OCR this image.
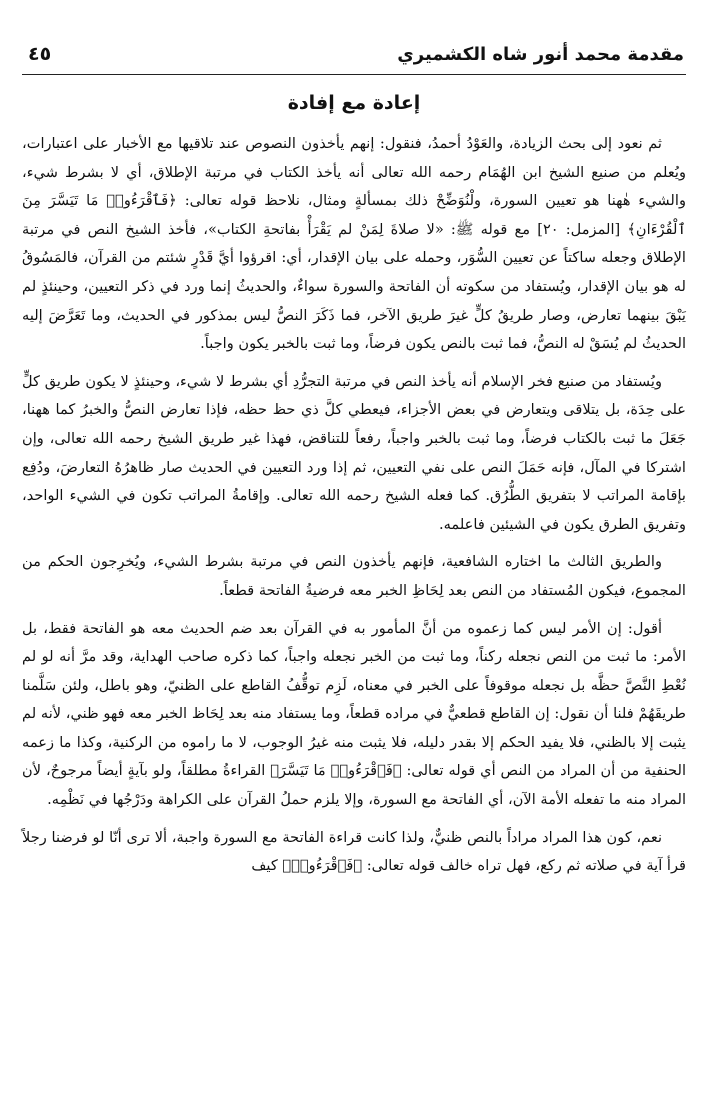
مقدمة محمد أنور شاه الكشميري
٤٥
إعادة مع إفادة

ثم نعود إلى بحث الزيادة، والعَوْدُ أحمدُ، فنقول: إنهم يأخذون النصوص عند تلاقيها مع الأخبار على اعتبارات، ويُعلم من صنيع الشيخ ابن الهُمَام رحمه الله تعالى أنه يأخذ الكتاب في مرتبة الإطلاق، أي لا بشرط شيء، والشيء هٰهنا هو تعيين السورة، ولْنُوَضِّحْ ذلك بمسألةٍ ومثال، نلاحظ قوله تعالى: ﴿فَٱقْرَءُوا۟ مَا تَيَسَّرَ مِنَ ٱلْقُرْءَانِ﴾ [المزمل: ٢٠] مع قوله ﷺ: «لا صلاةَ لِمَنْ لم يَقْرَأْ بفاتحةِ الكتاب»، فأخذ الشيخ النص في مرتبة الإطلاق وجعله ساكتاً عن تعيين السُّوَر، وحمله على بيان الإقدار، أي: اقرؤوا أيَّ قَدْرٍ شئتم من القرآن، فالمَسُوقُ له هو بيان الإقدار، ويُستفاد من سكوته أن الفاتحة والسورة سواءٌ، والحديثُ إنما ورد في ذكر التعيين، وحينئذٍ لم يَبْقَ بينهما تعارض، وصار طريقُ كلٍّ غيرَ طريق الآخر، فما ذَكَرَ النصُّ ليس بمذكور في الحديث، وما تَعَرَّضَ إليه الحديثُ لم يُسَقْ له النصُّ، فما ثبت بالنص يكون فرضاً، وما ثبت بالخبر يكون واجباً.

ويُستفاد من صنيع فخر الإسلام أنه يأخذ النص في مرتبة التجرُّدِ أي بشرط لا شيء، وحينئذٍ لا يكون طريق كلٍّ على حِدَة، بل يتلاقى ويتعارض في بعض الأجزاء، فيعطي كلَّ ذي حظ حظه، فإذا تعارض النصُّ والخبرُ كما ههنا، جَعَلَ ما ثبت بالكتاب فرضاً، وما ثبت بالخبر واجباً، رفعاً للتناقض، فهذا غير طريق الشيخ رحمه الله تعالى، وإن اشتركا في المآل، فإنه حَمَلَ النص على نفي التعيين، ثم إذا ورد التعيين في الحديث صار ظاهرُهُ التعارضَ، ودُفِع بإقامة المراتب لا بتفريق الطُّرُق. كما فعله الشيخ رحمه الله تعالى. وإقامةُ المراتب تكون في الشيء الواحد، وتفريق الطرق يكون في الشيئين فاعلمه.

والطريق الثالث ما اختاره الشافعية، فإنهم يأخذون النص في مرتبة بشرط الشيء، ويُخرِجون الحكم من المجموع، فيكون المُستفاد من النص بعد لِحَاظِ الخبر معه فرضيةُ الفاتحة قطعاً.

أقول: إن الأمر ليس كما زعموه من أنَّ المأمور به في القرآن بعد ضم الحديث معه هو الفاتحة فقط، بل الأمر: ما ثبت من النص نجعله ركناً، وما ثبت من الخبر نجعله واجباً، كما ذكره صاحب الهداية، وقد مرَّ أنه لو لم نُعْطِ النَّصَّ حظَّه بل نجعله موقوفاً على الخبر في معناه، لَزِم توقُّفُ القاطع على الظنيّ، وهو باطل، ولئن سَلَّمنا طريقَهُمْ فلنا أن نقول: إن القاطع قطعيٌّ في مراده قطعاً، وما يستفاد منه بعد لِحَاظ الخبر معه فهو ظني، لأنه لم يثبت إلا بالظني، فلا يفيد الحكم إلا بقدر دليله، فلا يثبت منه غيرُ الوجوب، لا ما راموه من الركنية، وكذا ما زعمه الحنفية من أن المراد من النص أي قوله تعالى: ﴿فَٱقْرَءُوا۟ مَا تَيَسَّرَ﴾ القراءةُ مطلقاً، ولو بآيةٍ أيضاً مرجوحٌ، لأن المراد منه ما تفعله الأمة الآن، أي الفاتحة مع السورة، وإلا يلزم حملُ القرآن على الكراهة ودَرْجُها في نَظْمِه.

نعم، كون هذا المراد مراداً بالنص ظنيٌّ، ولذا كانت قراءة الفاتحة مع السورة واجبة، ألا ترى أنّا لو فرضنا رجلاً قرأ آية في صلاته ثم ركع، فهل تراه خالف قوله تعالى: ﴿فَٱقْرَءُوا۟﴾ كيف
